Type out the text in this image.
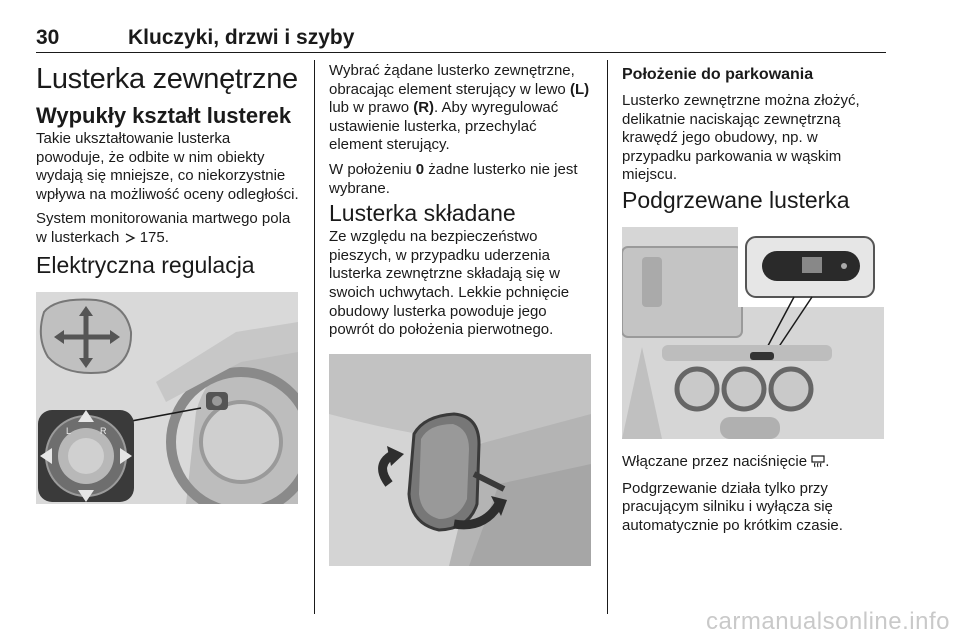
30	Kluczyki, drzwi i szyby
Lusterka zewnętrzne
Wypukły kształt lusterek

Takie ukształtowanie lusterka powoduje, że odbite w nim obiekty wydają się mniejsze, co niekorzystnie wpływa na możliwość oceny odległości.

System monitorowania martwego pola w lusterkach 175.

Elektryczna regulacja
L	R

Wybrać żądane lusterko zewnętrzne, obracając element sterujący w lewo (L) lub w prawo (R). Aby wyregulować ustawienie lusterka, przechylać element sterujący.

W położeniu 0 żadne lusterko nie jest wybrane.

Lusterka składane

Ze względu na bezpieczeństwo pieszych, w przypadku uderzenia lusterka zewnętrzne składają się w swoich uchwytach. Lekkie pchnięcie obudowy lusterka powoduje jego powrót do położenia pierwotnego.

Położenie do parkowania

Lusterko zewnętrzne można złożyć, delikatnie naciskając zewnętrzną krawędź jego obudowy, np. w przypadku parkowania w wąskim miejscu.

Podgrzewane lusterka

Włączane przez naciśnięcie .

Podgrzewanie działa tylko przy pracującym silniku i wyłącza się automatycznie po krótkim czasie.

carmanualsonline.info
